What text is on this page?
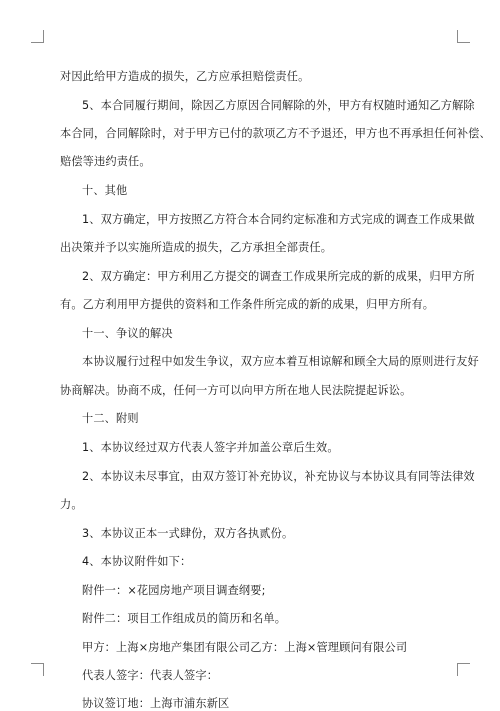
对因此给甲方造成的损失，乙方应承担赔偿责任。
5、本合同履行期间，除因乙方原因合同解除的外，甲方有权随时通知乙方解除
本合同，合同解除时，对于甲方已付的款项乙方不予退还，甲方也不再承担任何补偿、
赔偿等违约责任。
十、其他
1、双方确定，甲方按照乙方符合本合同约定标准和方式完成的调查工作成果做
出决策并予以实施所造成的损失，乙方承担全部责任。
2、双方确定：甲方利用乙方提交的调查工作成果所完成的新的成果，归甲方所
有。乙方利用甲方提供的资料和工作条件所完成的新的成果，归甲方所有。
十一、争议的解决
本协议履行过程中如发生争议，双方应本着互相谅解和顾全大局的原则进行友好
协商解决。协商不成，任何一方可以向甲方所在地人民法院提起诉讼。
十二、附则
1、本协议经过双方代表人签字并加盖公章后生效。
2、本协议未尽事宜，由双方签订补充协议，补充协议与本协议具有同等法律效
力。
3、本协议正本一式肆份，双方各执贰份。
4、本协议附件如下：
附件一：×花园房地产项目调查纲要;
附件二：项目工作组成员的简历和名单。
甲方：上海×房地产集团有限公司乙方：上海×管理顾问有限公司
代表人签字：代表人签字：
协议签订地：上海市浦东新区
